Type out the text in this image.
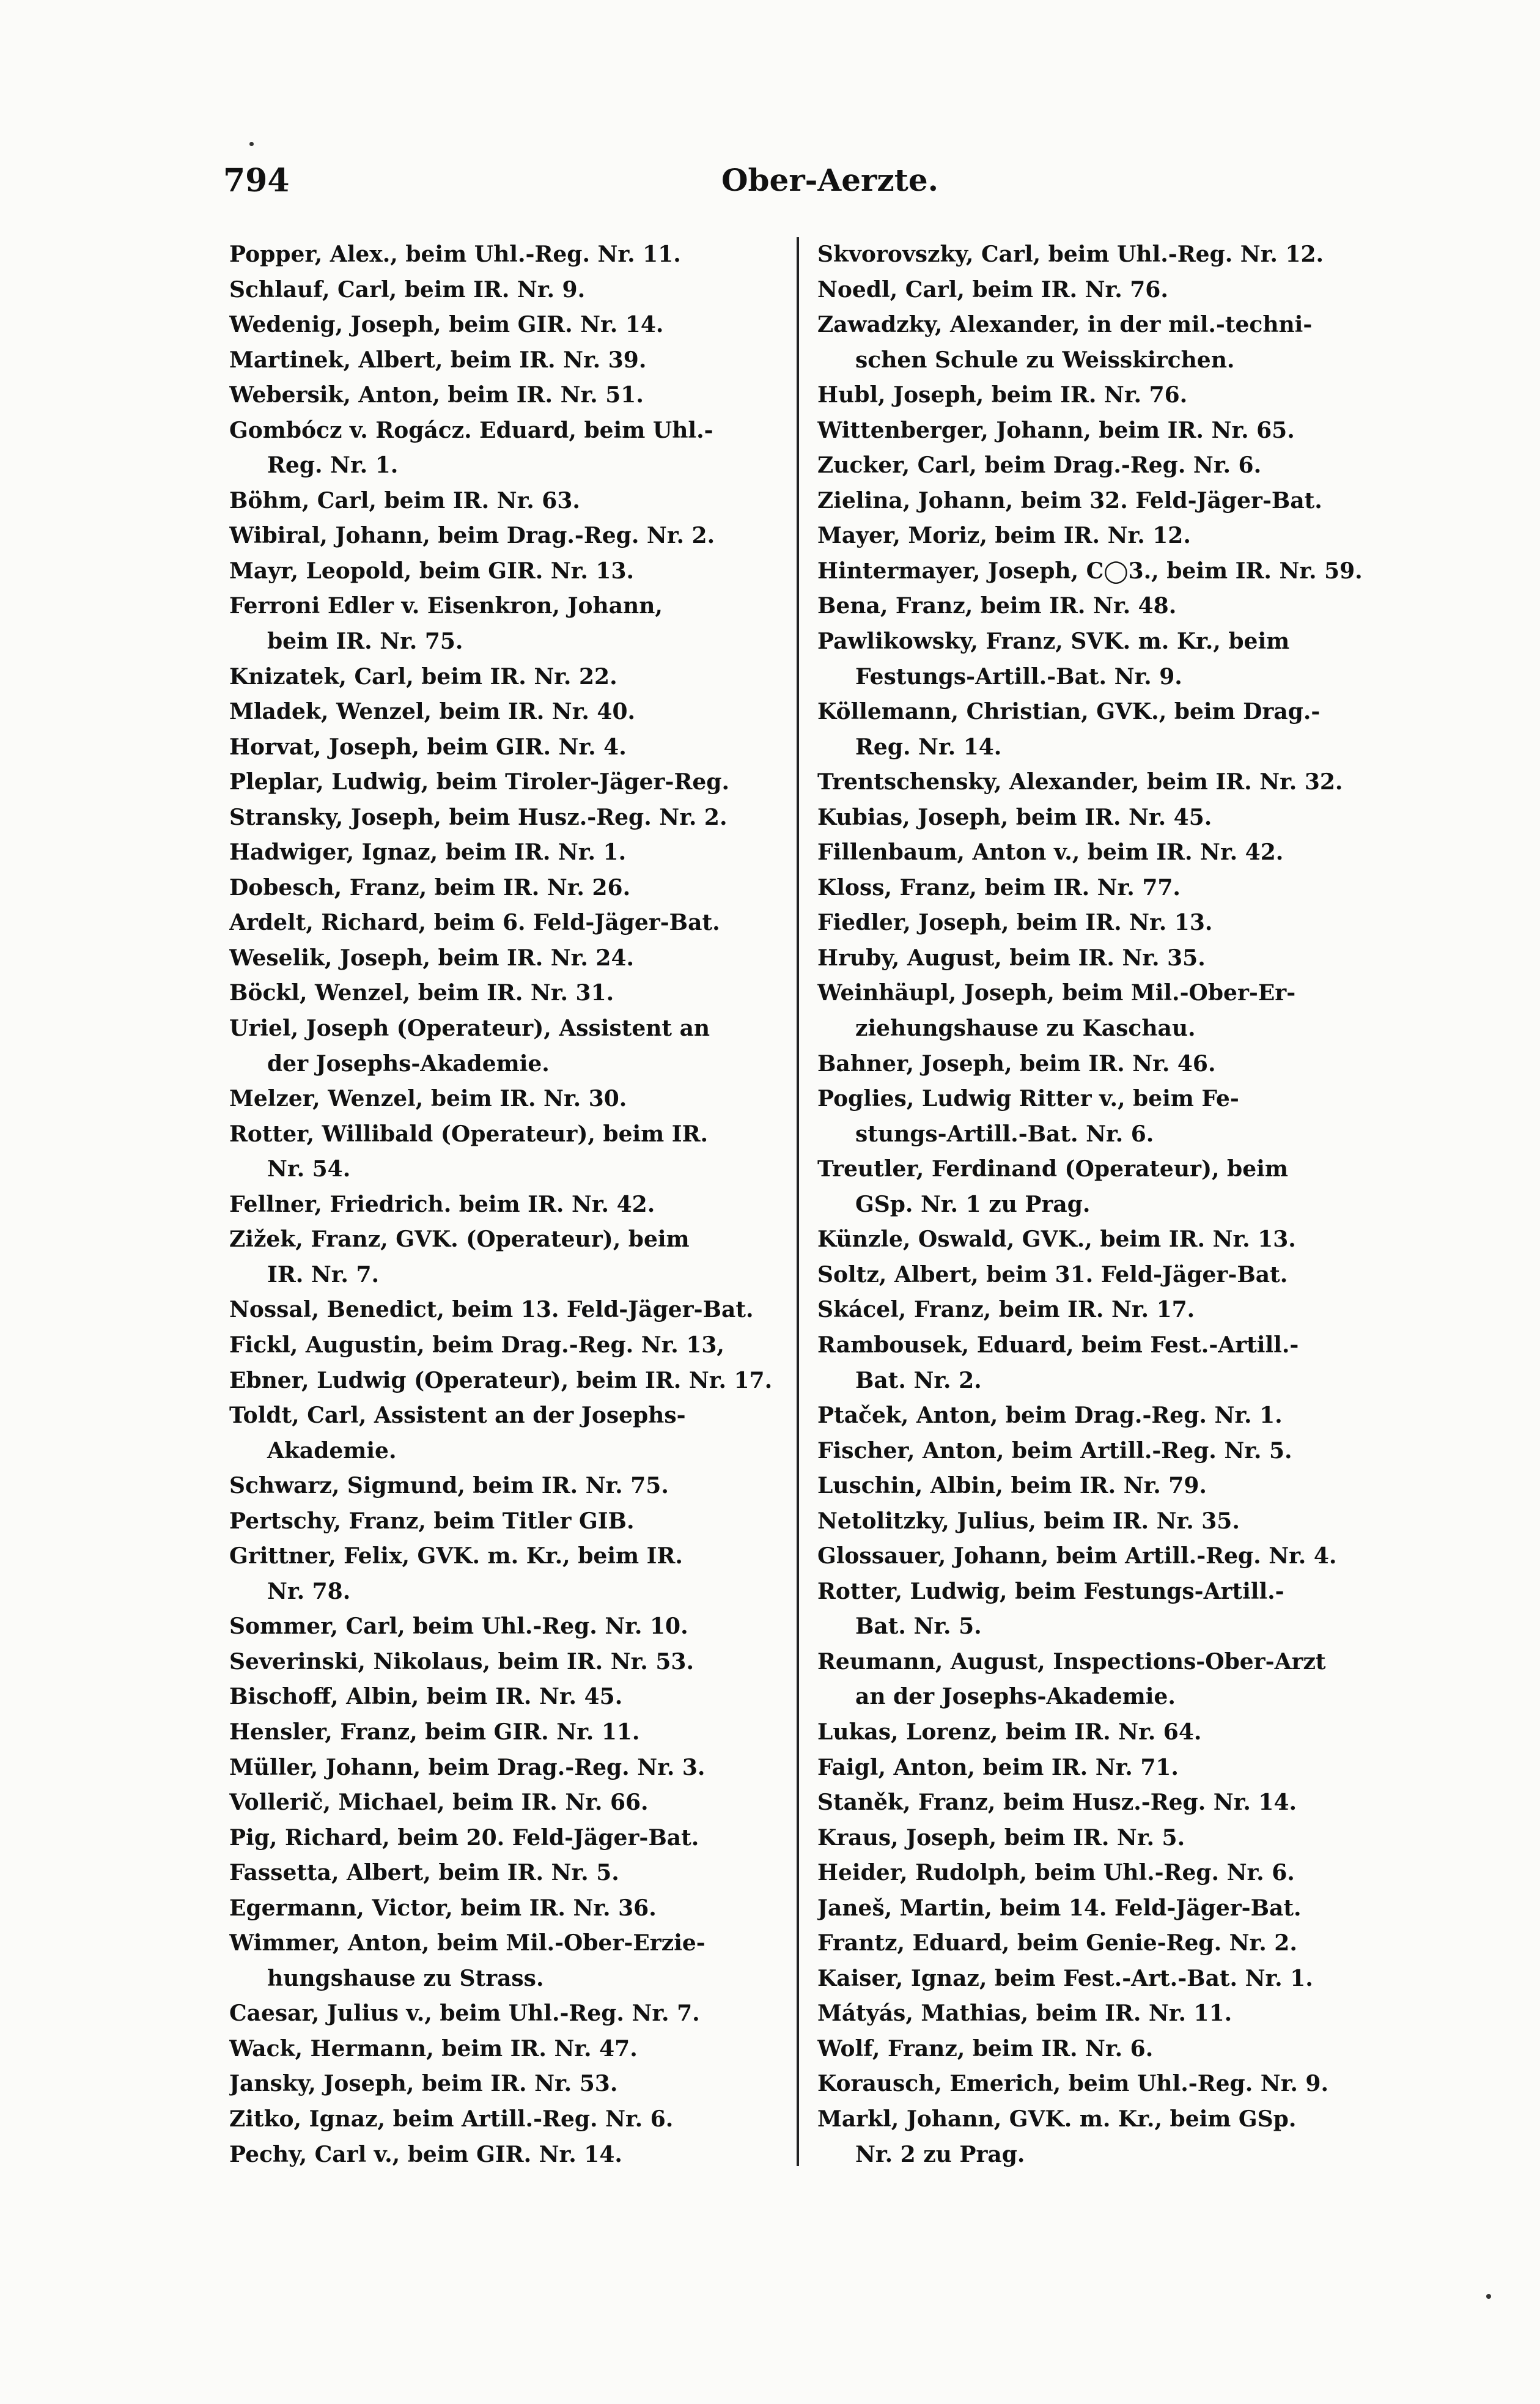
794	Ober-Aerzte.
Popper, Alex., beim Uhl.-Reg. Nr. 11.
Schlauf, Carl, beim IR. Nr. 9.
Wedenig, Joseph, beim GIR. Nr. 14.
Martinek, Albert, beim IR. Nr. 39.
Webersik, Anton, beim IR. Nr. 51.
Gombócz v. Rogácz. Eduard, beim Uhl.-
Reg. Nr. 1.
Böhm, Carl, beim IR. Nr. 63.
Wibiral, Johann, beim Drag.-Reg. Nr. 2.
Mayr, Leopold, beim GIR. Nr. 13.
Ferroni Edler v. Eisenkron, Johann,
beim IR. Nr. 75.
Knizatek, Carl, beim IR. Nr. 22.
Mladek, Wenzel, beim IR. Nr. 40.
Horvat, Joseph, beim GIR. Nr. 4.
Pleplar, Ludwig, beim Tiroler-Jäger-Reg.
Stransky, Joseph, beim Husz.-Reg. Nr. 2.
Hadwiger, Ignaz, beim IR. Nr. 1.
Dobesch, Franz, beim IR. Nr. 26.
Ardelt, Richard, beim 6. Feld-Jäger-Bat.
Weselik, Joseph, beim IR. Nr. 24.
Böckl, Wenzel, beim IR. Nr. 31.
Uriel, Joseph (Operateur), Assistent an
der Josephs-Akademie.
Melzer, Wenzel, beim IR. Nr. 30.
Rotter, Willibald (Operateur), beim IR.
Nr. 54.
Fellner, Friedrich. beim IR. Nr. 42.
Zižek, Franz, GVK. (Operateur), beim
IR. Nr. 7.
Nossal, Benedict, beim 13. Feld-Jäger-Bat.
Fickl, Augustin, beim Drag.-Reg. Nr. 13,
Ebner, Ludwig (Operateur), beim IR. Nr. 17.
Toldt, Carl, Assistent an der Josephs-
Akademie.
Schwarz, Sigmund, beim IR. Nr. 75.
Pertschy, Franz, beim Titler GIB.
Grittner, Felix, GVK. m. Kr., beim IR.
Nr. 78.
Sommer, Carl, beim Uhl.-Reg. Nr. 10.
Severinski, Nikolaus, beim IR. Nr. 53.
Bischoff, Albin, beim IR. Nr. 45.
Hensler, Franz, beim GIR. Nr. 11.
Müller, Johann, beim Drag.-Reg. Nr. 3.
Vollerič, Michael, beim IR. Nr. 66.
Pig, Richard, beim 20. Feld-Jäger-Bat.
Fassetta, Albert, beim IR. Nr. 5.
Egermann, Victor, beim IR. Nr. 36.
Wimmer, Anton, beim Mil.-Ober-Erzie-
hungshause zu Strass.
Caesar, Julius v., beim Uhl.-Reg. Nr. 7.
Wack, Hermann, beim IR. Nr. 47.
Jansky, Joseph, beim IR. Nr. 53.
Zitko, Ignaz, beim Artill.-Reg. Nr. 6.
Pechy, Carl v., beim GIR. Nr. 14.
Skvorovszky, Carl, beim Uhl.-Reg. Nr. 12.
Noedl, Carl, beim IR. Nr. 76.
Zawadzky, Alexander, in der mil.-techni-
schen Schule zu Weisskirchen.
Hubl, Joseph, beim IR. Nr. 76.
Wittenberger, Johann, beim IR. Nr. 65.
Zucker, Carl, beim Drag.-Reg. Nr. 6.
Zielina, Johann, beim 32. Feld-Jäger-Bat.
Mayer, Moriz, beim IR. Nr. 12.
Hintermayer, Joseph, C◯3., beim IR. Nr. 59.
Bena, Franz, beim IR. Nr. 48.
Pawlikowsky, Franz, SVK. m. Kr., beim
Festungs-Artill.-Bat. Nr. 9.
Köllemann, Christian, GVK., beim Drag.-
Reg. Nr. 14.
Trentschensky, Alexander, beim IR. Nr. 32.
Kubias, Joseph, beim IR. Nr. 45.
Fillenbaum, Anton v., beim IR. Nr. 42.
Kloss, Franz, beim IR. Nr. 77.
Fiedler, Joseph, beim IR. Nr. 13.
Hruby, August, beim IR. Nr. 35.
Weinhäupl, Joseph, beim Mil.-Ober-Er-
ziehungshause zu Kaschau.
Bahner, Joseph, beim IR. Nr. 46.
Poglies, Ludwig Ritter v., beim Fe-
stungs-Artill.-Bat. Nr. 6.
Treutler, Ferdinand (Operateur), beim
GSp. Nr. 1 zu Prag.
Künzle, Oswald, GVK., beim IR. Nr. 13.
Soltz, Albert, beim 31. Feld-Jäger-Bat.
Skácel, Franz, beim IR. Nr. 17.
Rambousek, Eduard, beim Fest.-Artill.-
Bat. Nr. 2.
Ptaček, Anton, beim Drag.-Reg. Nr. 1.
Fischer, Anton, beim Artill.-Reg. Nr. 5.
Luschin, Albin, beim IR. Nr. 79.
Netolitzky, Julius, beim IR. Nr. 35.
Glossauer, Johann, beim Artill.-Reg. Nr. 4.
Rotter, Ludwig, beim Festungs-Artill.-
Bat. Nr. 5.
Reumann, August, Inspections-Ober-Arzt
an der Josephs-Akademie.
Lukas, Lorenz, beim IR. Nr. 64.
Faigl, Anton, beim IR. Nr. 71.
Staněk, Franz, beim Husz.-Reg. Nr. 14.
Kraus, Joseph, beim IR. Nr. 5.
Heider, Rudolph, beim Uhl.-Reg. Nr. 6.
Janeš, Martin, beim 14. Feld-Jäger-Bat.
Frantz, Eduard, beim Genie-Reg. Nr. 2.
Kaiser, Ignaz, beim Fest.-Art.-Bat. Nr. 1.
Mátyás, Mathias, beim IR. Nr. 11.
Wolf, Franz, beim IR. Nr. 6.
Korausch, Emerich, beim Uhl.-Reg. Nr. 9.
Markl, Johann, GVK. m. Kr., beim GSp.
Nr. 2 zu Prag.
